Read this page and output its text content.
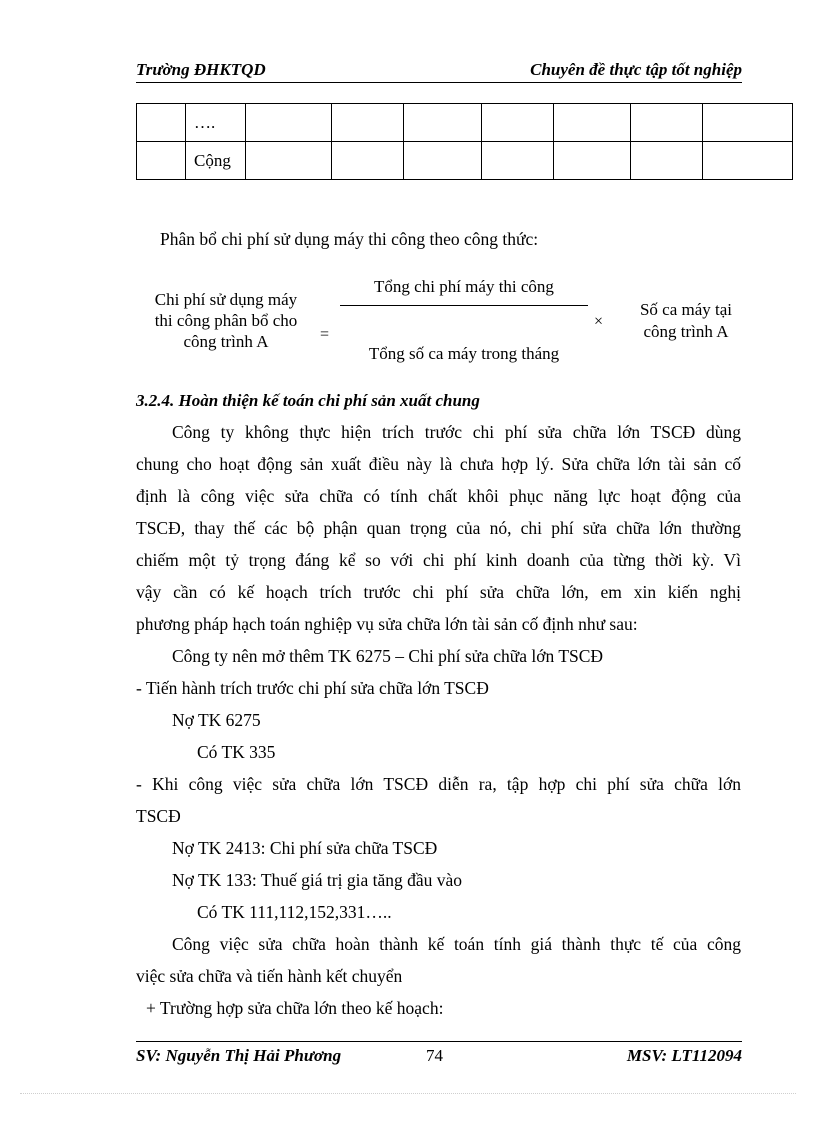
Trường ĐHKTQD	Chuyên đề thực tập tốt nghiệp
	….							
	Cộng							
Phân bổ chi phí sử dụng máy thi công theo công thức:
Chi phí sử dụng máy
thi công phân bổ cho
công trình A	=
Tổng chi phí máy thi công
Tổng số ca máy trong tháng
×
Số ca máy tại
công trình A
3.2.4. Hoàn thiện kế toán chi phí sản xuất chung
Công ty không thực hiện trích trước chi phí sửa chữa lớn TSCĐ dùng
chung cho hoạt động sản xuất điều này là chưa hợp lý. Sửa chữa lớn tài sản cố
định là công việc sửa chữa có tính chất khôi phục năng lực hoạt động của
TSCĐ, thay thế các bộ phận quan trọng của nó, chi phí sửa chữa lớn thường
chiếm một tỷ trọng đáng kể so với chi phí kinh doanh của từng thời kỳ. Vì
vậy cần có kế hoạch trích trước chi phí sửa chữa lớn, em xin kiến nghị
phương pháp hạch toán nghiệp vụ sửa chữa lớn tài sản cố định như sau:
Công ty nên mở thêm TK 6275 – Chi phí sửa chữa lớn TSCĐ
- Tiến hành trích trước chi phí sửa chữa lớn TSCĐ
Nợ TK 6275
Có TK 335
- Khi công việc sửa chữa lớn TSCĐ diễn ra, tập hợp chi phí sửa chữa lớn
TSCĐ
Nợ TK 2413: Chi phí sửa chữa TSCĐ
Nợ TK 133: Thuế giá trị gia tăng đầu vào
Có TK 111,112,152,331…..
Công việc sửa chữa hoàn thành kế toán tính giá thành thực tế của công
việc sửa chữa và tiến hành kết chuyển
+ Trường hợp sửa chữa lớn theo kế hoạch:
SV: Nguyễn Thị Hải Phương	74	MSV: LT112094
